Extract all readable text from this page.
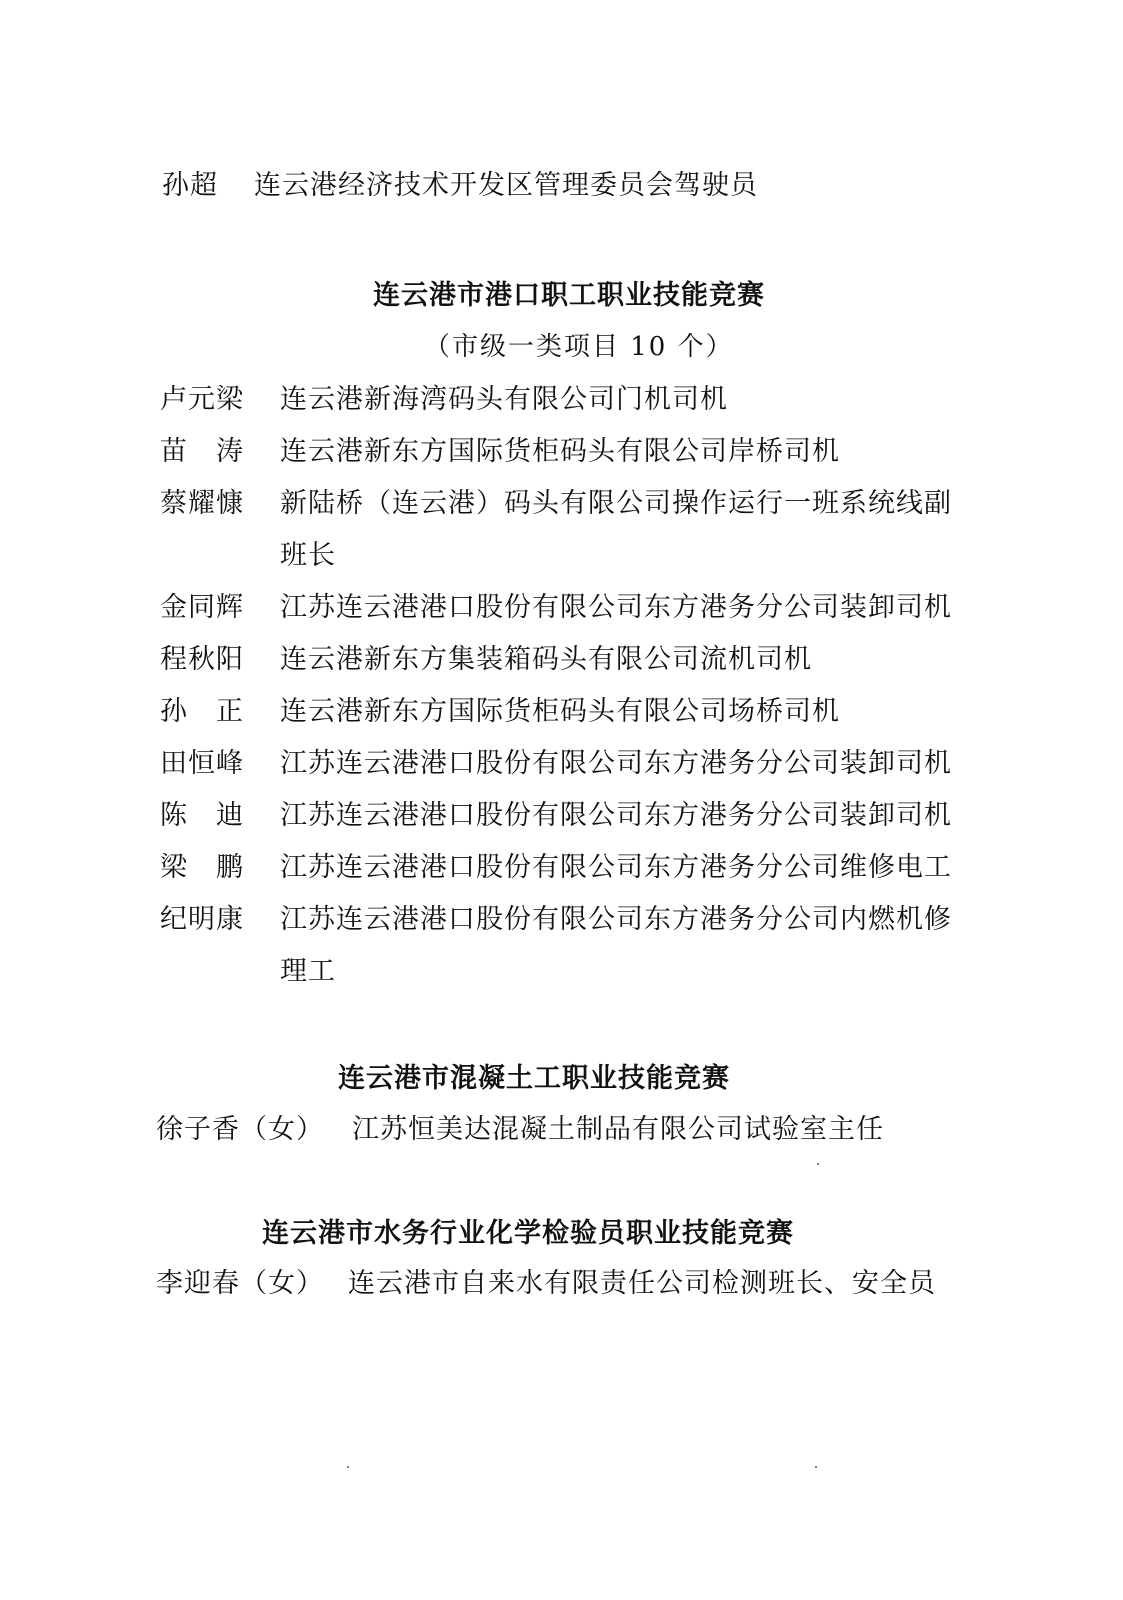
孙超 连云港经济技术开发区管理委员会驾驶员
连云港市港口职工职业技能竞赛
（市级一类项目 10 个）
卢元梁 连云港新海湾码头有限公司门机司机
苗　涛 连云港新东方国际货柜码头有限公司岸桥司机
蔡耀慷 新陆桥（连云港）码头有限公司操作运行一班系统线副班长
金同辉 江苏连云港港口股份有限公司东方港务分公司装卸司机
程秋阳 连云港新东方集装箱码头有限公司流机司机
孙　正 连云港新东方国际货柜码头有限公司场桥司机
田恒峰 江苏连云港港口股份有限公司东方港务分公司装卸司机
陈　迪 江苏连云港港口股份有限公司东方港务分公司装卸司机
梁　鹏 江苏连云港港口股份有限公司东方港务分公司维修电工
纪明康 江苏连云港港口股份有限公司东方港务分公司内燃机修理工
连云港市混凝土工职业技能竞赛
徐子香（女） 江苏恒美达混凝土制品有限公司试验室主任
连云港市水务行业化学检验员职业技能竞赛
李迎春（女） 连云港市自来水有限责任公司检测班长、安全员
